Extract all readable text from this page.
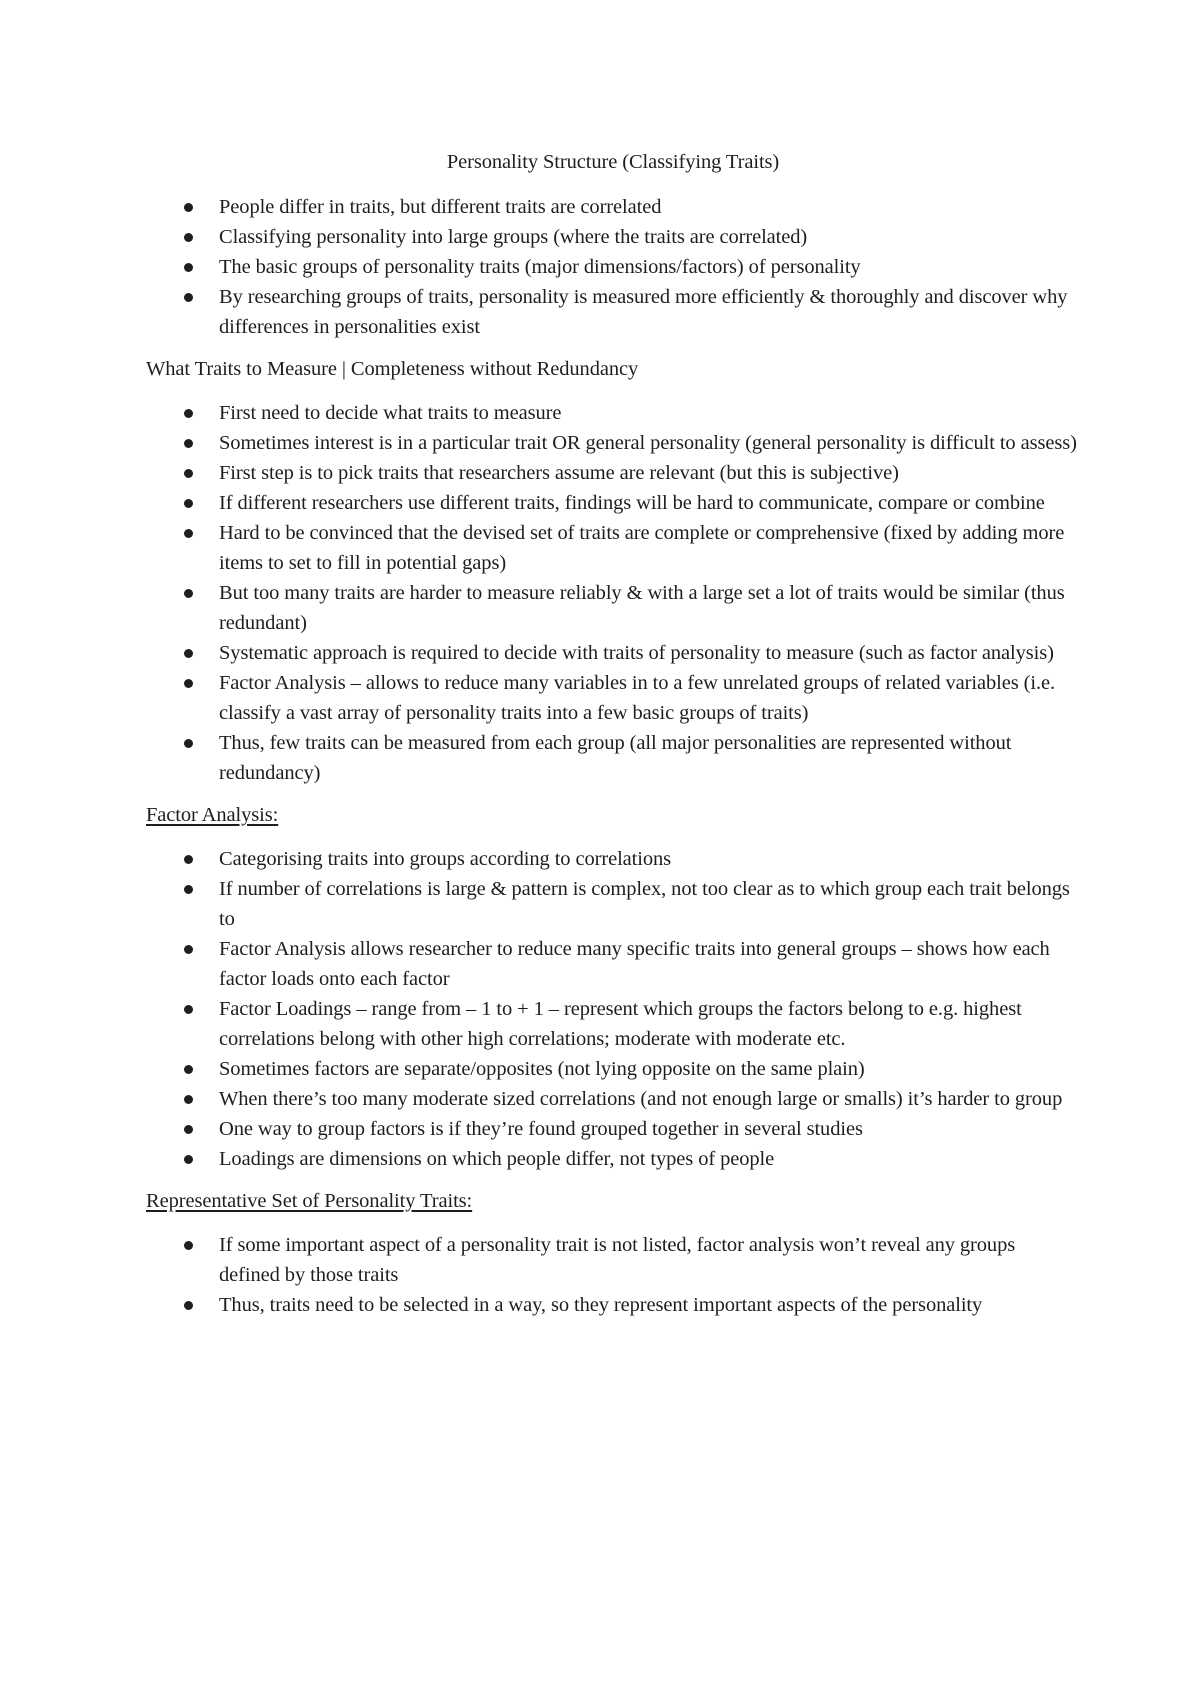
Personality Structure (Classifying Traits)
People differ in traits, but different traits are correlated
Classifying personality into large groups (where the traits are correlated)
The basic groups of personality traits (major dimensions/factors) of personality
By researching groups of traits, personality is measured more efficiently & thoroughly and discover why differences in personalities exist
What Traits to Measure | Completeness without Redundancy
First need to decide what traits to measure
Sometimes interest is in a particular trait OR general personality (general personality is difficult to assess)
First step is to pick traits that researchers assume are relevant (but this is subjective)
If different researchers use different traits, findings will be hard to communicate, compare or combine
Hard to be convinced that the devised set of traits are complete or comprehensive (fixed by adding more items to set to fill in potential gaps)
But too many traits are harder to measure reliably & with a large set a lot of traits would be similar (thus redundant)
Systematic approach is required to decide with traits of personality to measure (such as factor analysis)
Factor Analysis – allows to reduce many variables in to a few unrelated groups of related variables (i.e. classify a vast array of personality traits into a few basic groups of traits)
Thus, few traits can be measured from each group (all major personalities are represented without redundancy)
Factor Analysis:
Categorising traits into groups according to correlations
If number of correlations is large & pattern is complex, not too clear as to which group each trait belongs to
Factor Analysis allows researcher to reduce many specific traits into general groups – shows how each factor loads onto each factor
Factor Loadings – range from – 1 to + 1 – represent which groups the factors belong to e.g. highest correlations belong with other high correlations; moderate with moderate etc.
Sometimes factors are separate/opposites (not lying opposite on the same plain)
When there’s too many moderate sized correlations (and not enough large or smalls) it’s harder to group
One way to group factors is if they’re found grouped together in several studies
Loadings are dimensions on which people differ, not types of people
Representative Set of Personality Traits:
If some important aspect of a personality trait is not listed, factor analysis won’t reveal any groups defined by those traits
Thus, traits need to be selected in a way, so they represent important aspects of the personality
